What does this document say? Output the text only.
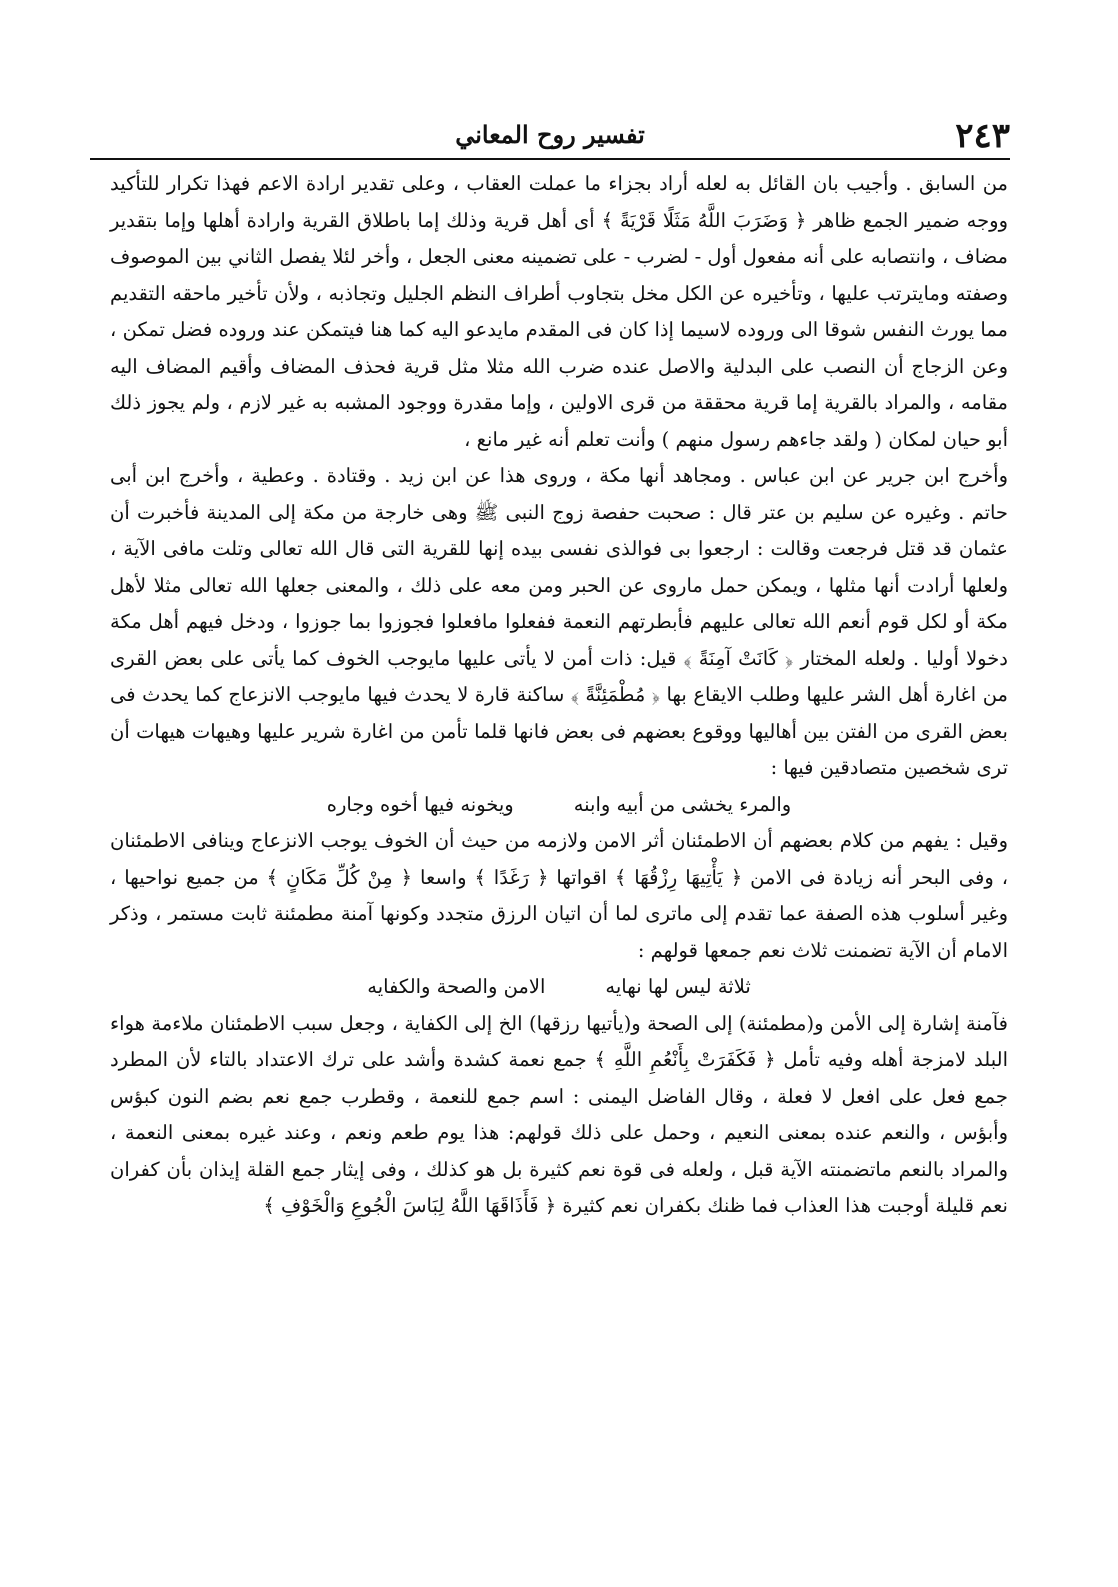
٢٤٣
تفسير روح المعاني

من السابق . وأجيب بان القائل به لعله أراد بجزاء ما عملت العقاب ، وعلى تقدير ارادة الاعم فهذا تكرار للتأكيد ووجه ضمير الجمع ظاهر ﴿ وَضَرَبَ اللَّهُ مَثَلًا قَرْيَةً ﴾ أى أهل قرية وذلك إما باطلاق القرية وارادة أهلها وإما بتقدير مضاف ، وانتصابه على أنه مفعول أول - لضرب - على تضمينه معنى الجعل ، وأخر لئلا يفصل الثاني بين الموصوف وصفته ومايترتب عليها ، وتأخيره عن الكل مخل بتجاوب أطراف النظم الجليل وتجاذبه ، ولأن تأخير ماحقه التقديم مما يورث النفس شوقا الى وروده لاسيما إذا كان فى المقدم مايدعو اليه كما هنا فيتمكن عند وروده فضل تمكن ، وعن الزجاج أن النصب على البدلية والاصل عنده ضرب الله مثلا مثل قرية فحذف المضاف وأقيم المضاف اليه مقامه ، والمراد بالقرية إما قرية محققة من قرى الاولين ، وإما مقدرة ووجود المشبه به غير لازم ، ولم يجوز ذلك أبو حيان لمكان ( ولقد جاءهم رسول منهم ) وأنت تعلم أنه غير مانع ،

وأخرج ابن جرير عن ابن عباس . ومجاهد أنها مكة ، وروى هذا عن ابن زيد . وقتادة . وعطية ، وأخرج ابن أبى حاتم . وغيره عن سليم بن عتر قال : صحبت حفصة زوج النبى ﷺ وهى خارجة من مكة إلى المدينة فأخبرت أن عثمان قد قتل فرجعت وقالت : ارجعوا بى فوالذى نفسى بيده إنها للقرية التى قال الله تعالى وتلت مافى الآية ، ولعلها أرادت أنها مثلها ، ويمكن حمل ماروى عن الحبر ومن معه على ذلك ، والمعنى جعلها الله تعالى مثلا لأهل مكة أو لكل قوم أنعم الله تعالى عليهم فأبطرتهم النعمة ففعلوا مافعلوا فجوزوا بما جوزوا ، ودخل فيهم أهل مكة دخولا أوليا . ولعله المختار ﴿ كَانَتْ آمِنَةً ﴾ قيل: ذات أمن لا يأتى عليها مايوجب الخوف كما يأتى على بعض القرى من اغارة أهل الشر عليها وطلب الايقاع بها ﴿ مُطْمَئِنَّةً ﴾ ساكنة قارة لا يحدث فيها مايوجب الانزعاج كما يحدث فى بعض القرى من الفتن بين أهاليها ووقوع بعضهم فى بعض فانها قلما تأمن من اغارة شرير عليها وهيهات هيهات أن ترى شخصين متصادقين فيها :

والمرء يخشى من أبيه وابنه
ويخونه فيها أخوه وجاره

وقيل : يفهم من كلام بعضهم أن الاطمئنان أثر الامن ولازمه من حيث أن الخوف يوجب الانزعاج وينافى الاطمئنان ، وفى البحر أنه زيادة فى الامن ﴿ يَأْتِيهَا رِزْقُهَا ﴾ اقواتها ﴿ رَغَدًا ﴾ واسعا ﴿ مِنْ كُلِّ مَكَانٍ ﴾ من جميع نواحيها ، وغير أسلوب هذه الصفة عما تقدم إلى ماترى لما أن اتيان الرزق متجدد وكونها آمنة مطمئنة ثابت مستمر ، وذكر الامام أن الآية تضمنت ثلاث نعم جمعها قولهم :

ثلاثة ليس لها نهايه
الامن والصحة والكفايه

فآمنة إشارة إلى الأمن و(مطمئنة) إلى الصحة و(يأتيها رزقها) الخ إلى الكفاية ، وجعل سبب الاطمئنان ملاءمة هواء البلد لامزجة أهله وفيه تأمل ﴿ فَكَفَرَتْ بِأَنْعُمِ اللَّهِ ﴾ جمع نعمة كشدة وأشد على ترك الاعتداد بالتاء لأن المطرد جمع فعل على افعل لا فعلة ، وقال الفاضل اليمنى : اسم جمع للنعمة ، وقطرب جمع نعم بضم النون كبؤس وأبؤس ، والنعم عنده بمعنى النعيم ، وحمل على ذلك قولهم: هذا يوم طعم ونعم ، وعند غيره بمعنى النعمة ، والمراد بالنعم ماتضمنته الآية قبل ، ولعله فى قوة نعم كثيرة بل هو كذلك ، وفى إيثار جمع القلة إيذان بأن كفران نعم قليلة أوجبت هذا العذاب فما ظنك بكفران نعم كثيرة ﴿ فَأَذَاقَهَا اللَّهُ لِبَاسَ الْجُوعِ وَالْخَوْفِ ﴾
